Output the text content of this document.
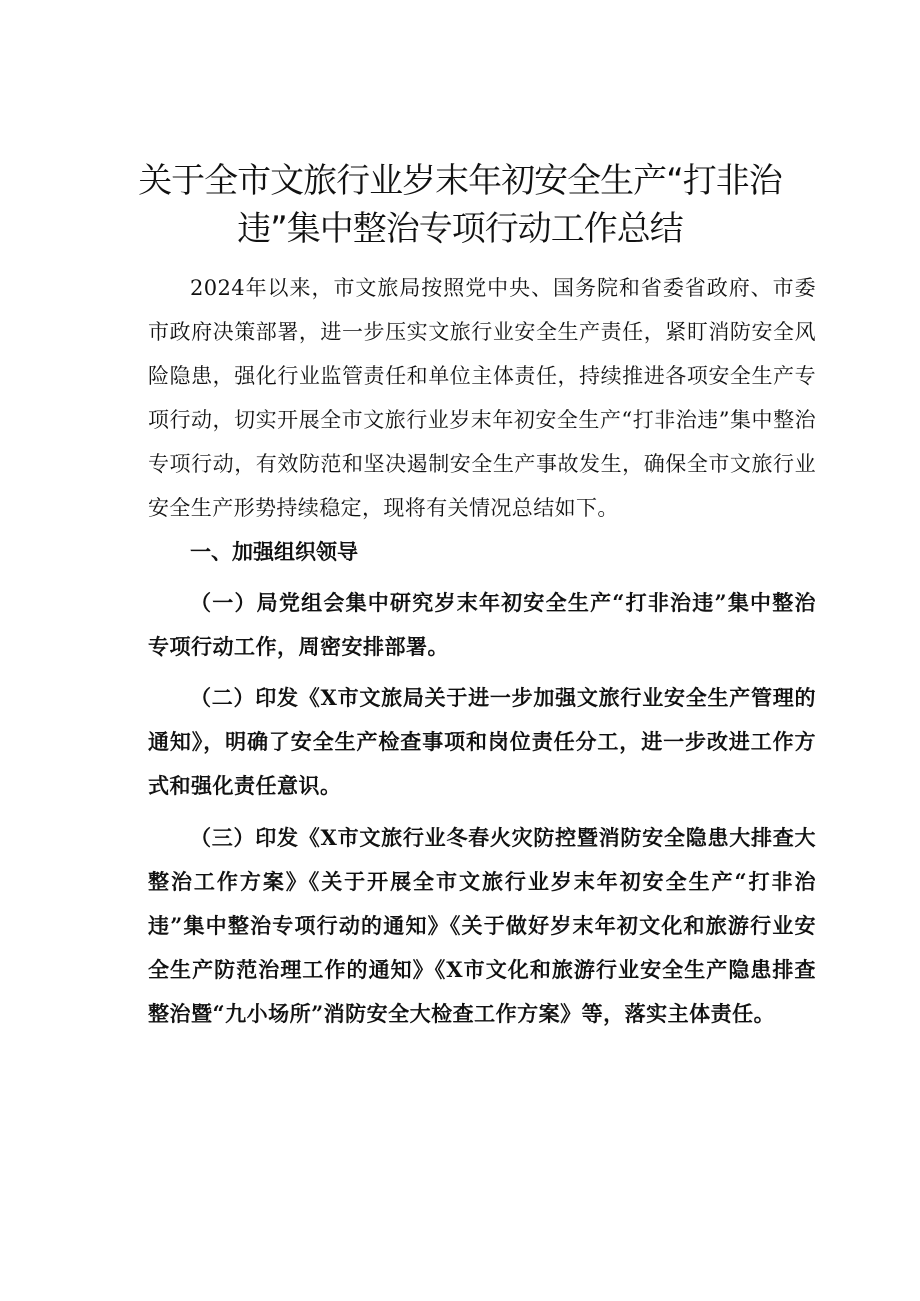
关于全市文旅行业岁末年初安全生产“打非治
违”集中整治专项行动工作总结

2024年以来，市文旅局按照党中央、国务院和省委省政府、市委市政府决策部署，进一步压实文旅行业安全生产责任，紧盯消防安全风险隐患，强化行业监管责任和单位主体责任，持续推进各项安全生产专项行动，切实开展全市文旅行业岁末年初安全生产“打非治违”集中整治专项行动，有效防范和坚决遏制安全生产事故发生，确保全市文旅行业安全生产形势持续稳定，现将有关情况总结如下。

一、加强组织领导

（一）局党组会集中研究岁末年初安全生产“打非治违”集中整治专项行动工作，周密安排部署。

（二）印发《X市文旅局关于进一步加强文旅行业安全生产管理的通知》，明确了安全生产检查事项和岗位责任分工，进一步改进工作方式和强化责任意识。

（三）印发《X市文旅行业冬春火灾防控暨消防安全隐患大排查大整治工作方案》《关于开展全市文旅行业岁末年初安全生产“打非治违”集中整治专项行动的通知》《关于做好岁末年初文化和旅游行业安全生产防范治理工作的通知》《X市文化和旅游行业安全生产隐患排查整治暨“九小场所”消防安全大检查工作方案》等，落实主体责任。
